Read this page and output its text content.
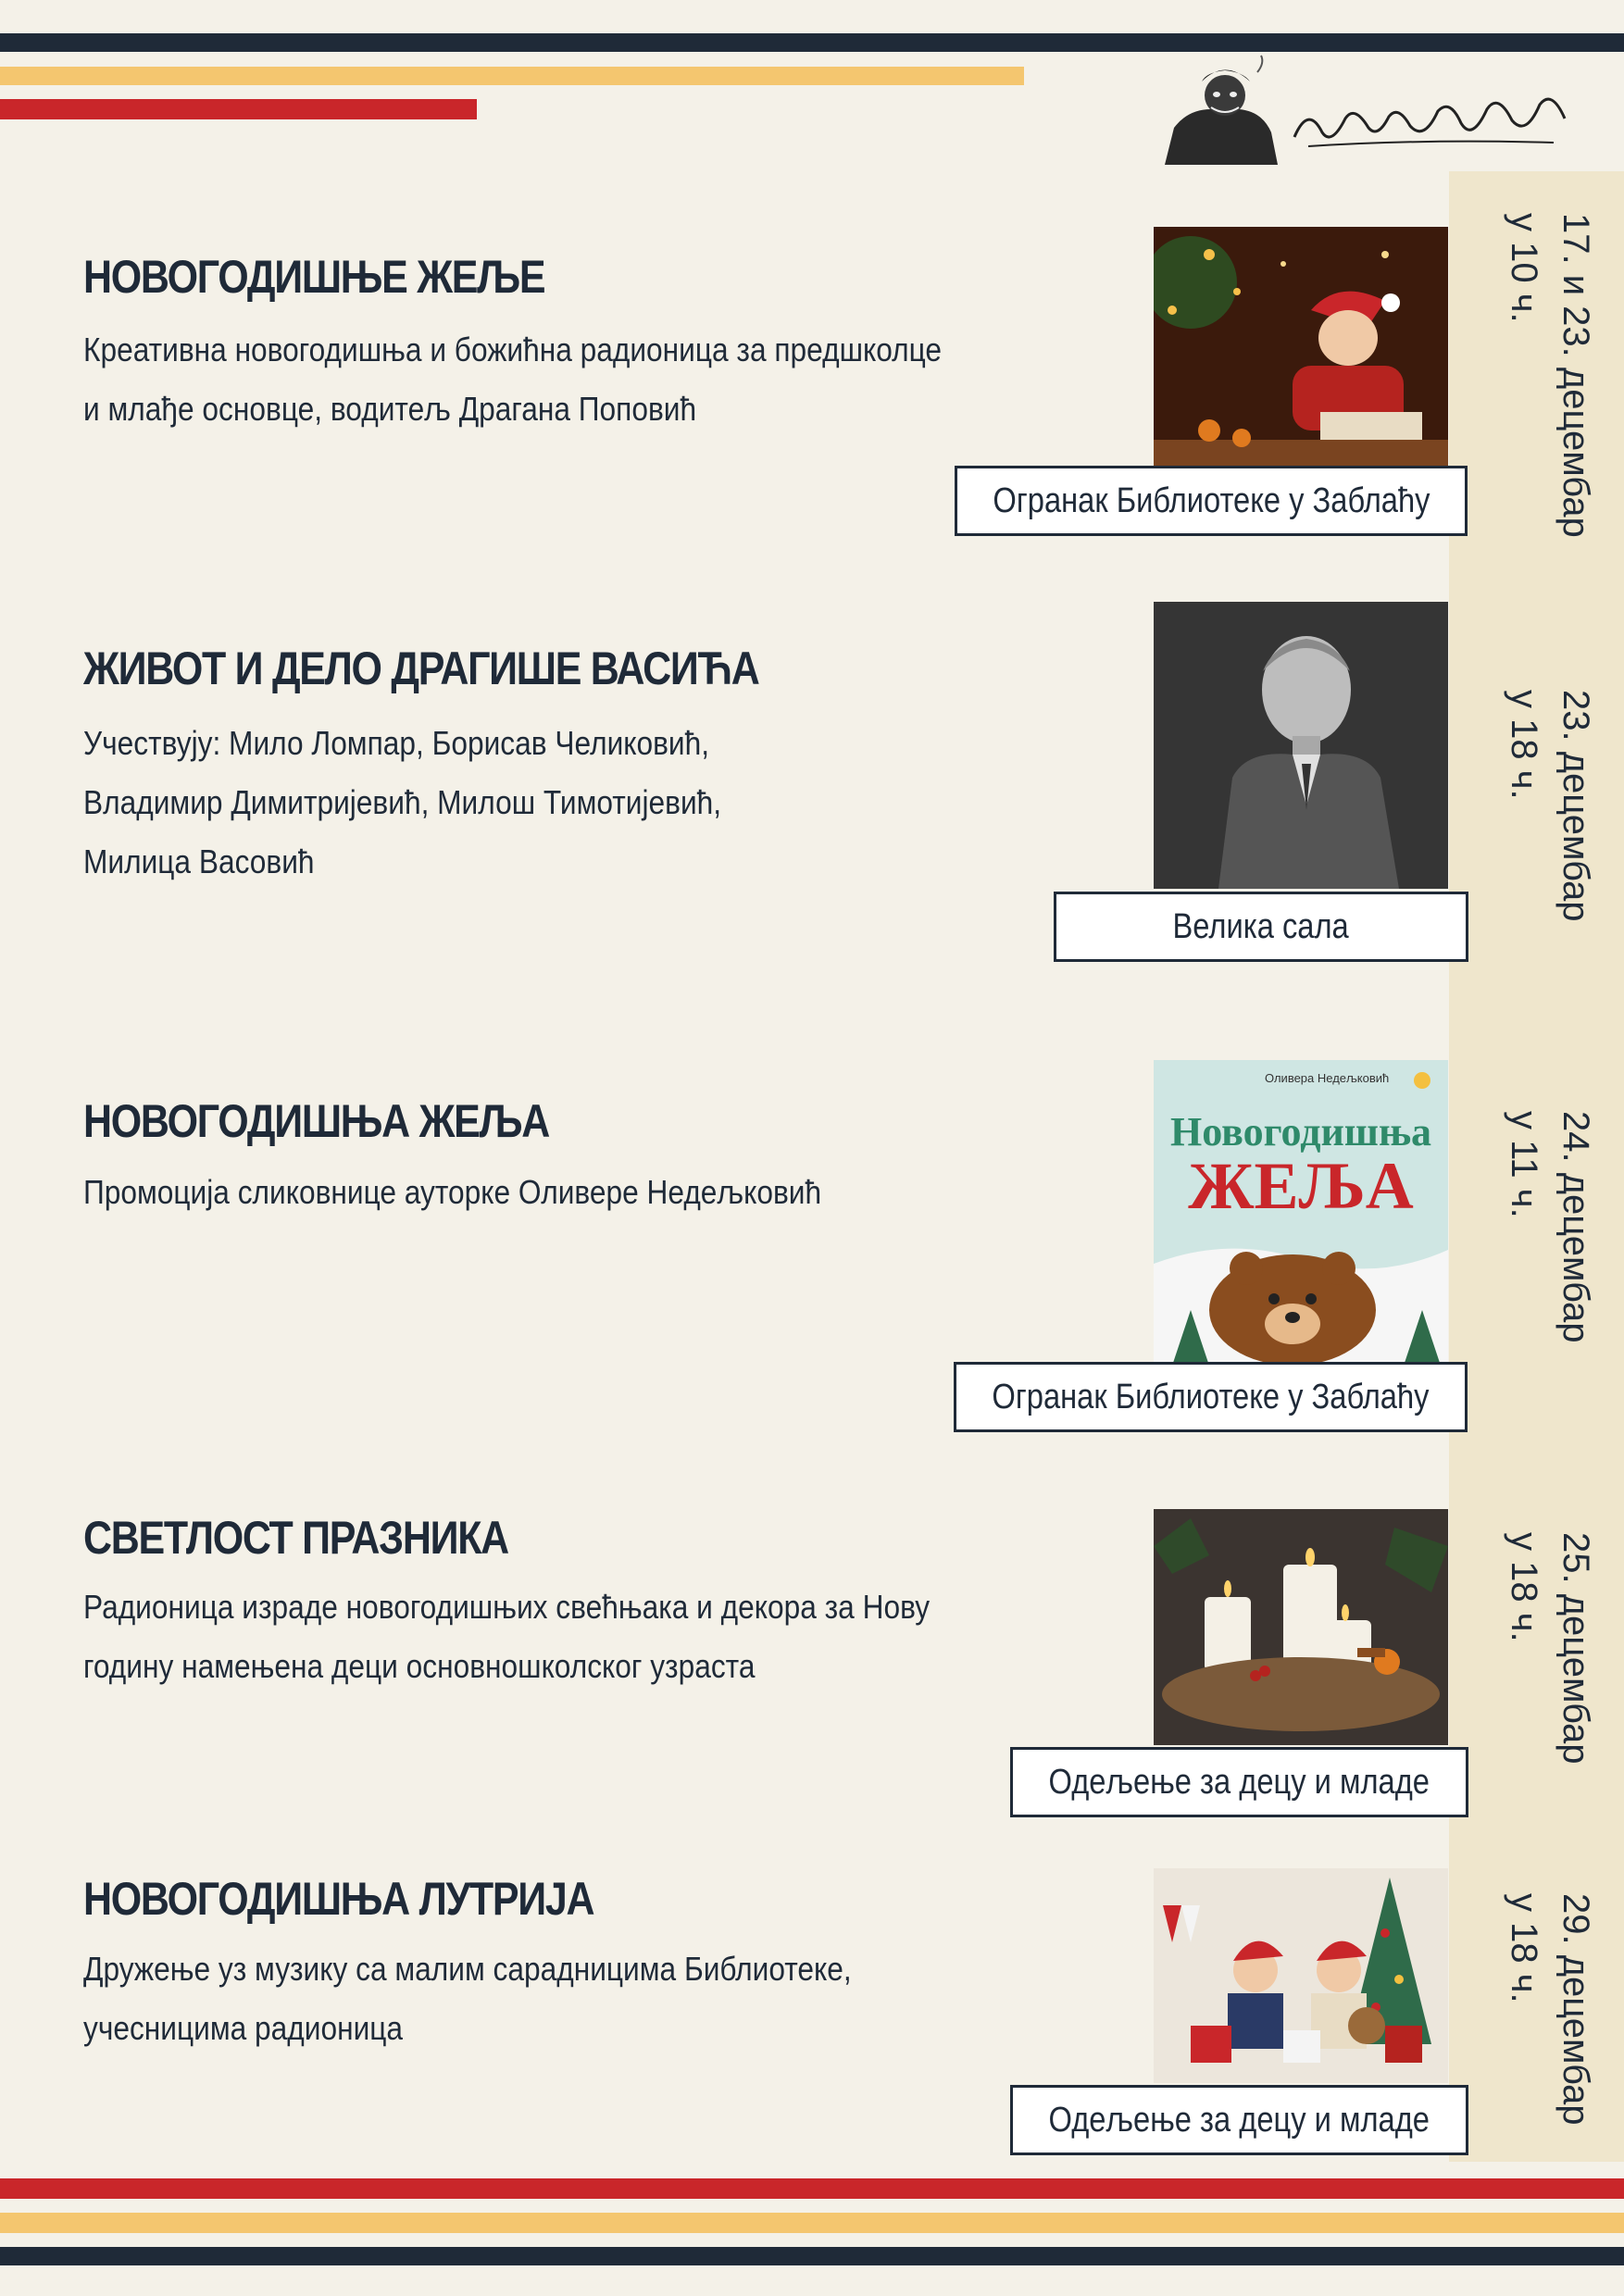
НОВОГОДИШЊЕ ЖЕЉЕ
Креативна новогодишња и божићна радионица за предшколце
и млађе основце, водитељ Драгана Поповић
Огранак Библиотеке у Заблаћу	17. и 23. децембар
у 10 ч.
ЖИВОТ И ДЕЛО ДРАГИШЕ ВАСИЋА
Учествују: Мило Ломпар, Борисав Челиковић,
Владимир Димитријевић, Милош Тимотијевић,
Милица Васовић
Велика сала
23. децембар
у 18 ч.
НОВОГОДИШЊА ЖЕЉА
Промоција сликовнице ауторке Оливере Недељковић
Оливера Недељковић
Новогодишња
ЖЕЉА
Огранак Библиотеке у Заблаћу
24. децембар
у 11 ч.
СВЕТЛОСТ ПРАЗНИКА
Радионица израде новогодишњих свећњака и декора за Нову
годину намењена деци основношколског узраста
Одељење за децу и младе
25. децембар
у 18 ч.
НОВОГОДИШЊА ЛУТРИЈА
Дружење уз музику са малим сарадницима Библиотеке,
учесницима радионица
Одељење за децу и младе	29. децембар
у 18 ч.
